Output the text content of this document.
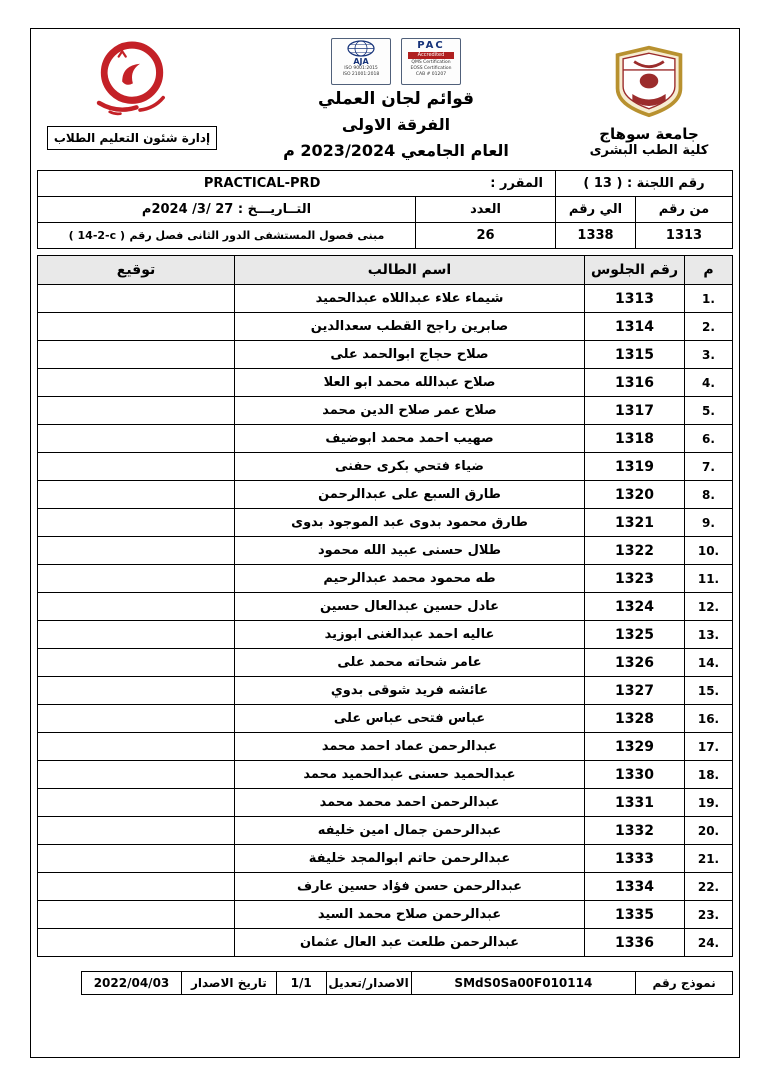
جامعة سوهاج
كلية الطب البشرى
PAC
Accredited
QMS Certification
EOSS Certification
CAB # 01207
AJA
ISO 9001:2015
ISO 21001:2018
قوائم لجان العملي
الفرقة الاولى
العام الجامعي 2023/2024 م
إدارة شئون التعليم الطلاب
رقم اللجنة : ( 13 )		المقرر :
PRACTICAL-PRD	

من رقم	الي رقم	العدد	التــاريـــخ : 27 /3/ 2024م
1313	1338	26	مبنى فصول المستشفى الدور الثانى فصل رقم ( 14-2-c )
م	رقم الجلوس	اسم الطالب	توقيع
1.	1313	شيماء علاء عبداللاه عبدالحميد	
2.	1314	صابرين راجح القطب سعدالدين	
3.	1315	صلاح حجاج ابوالحمد على	
4.	1316	صلاح عبدالله محمد ابو العلا	
5.	1317	صلاح عمر صلاح الدين محمد	
6.	1318	صهيب احمد محمد ابوضيف	
7.	1319	ضياء فتحي بكرى حفنى	
8.	1320	طارق السبع على عبدالرحمن	
9.	1321	طارق محمود بدوى عبد الموجود بدوى	
10.	1322	طلال حسنى عبيد الله محمود	
11.	1323	طه محمود محمد عبدالرحيم	
12.	1324	عادل حسين عبدالعال حسين	
13.	1325	عاليه احمد عبدالغنى ابوزيد	
14.	1326	عامر شحاته محمد على	
15.	1327	عائشه فريد شوقى بدوي	
16.	1328	عباس فتحى عباس على	
17.	1329	عبدالرحمن عماد احمد محمد	
18.	1330	عبدالحميد حسنى عبدالحميد محمد	
19.	1331	عبدالرحمن احمد محمد محمد	
20.	1332	عبدالرحمن جمال امين خليفه	
21.	1333	عبدالرحمن حاتم ابوالمجد خليفة	
22.	1334	عبدالرحمن حسن فؤاد حسين عارف	
23.	1335	عبدالرحمن صلاح محمد السيد	
24.	1336	عبدالرحمن طلعت عبد العال عثمان	
نموذج رقم	SMdS0Sa00F010114	الاصدار/تعديل	1/1	تاريخ الاصدار	2022/04/03
